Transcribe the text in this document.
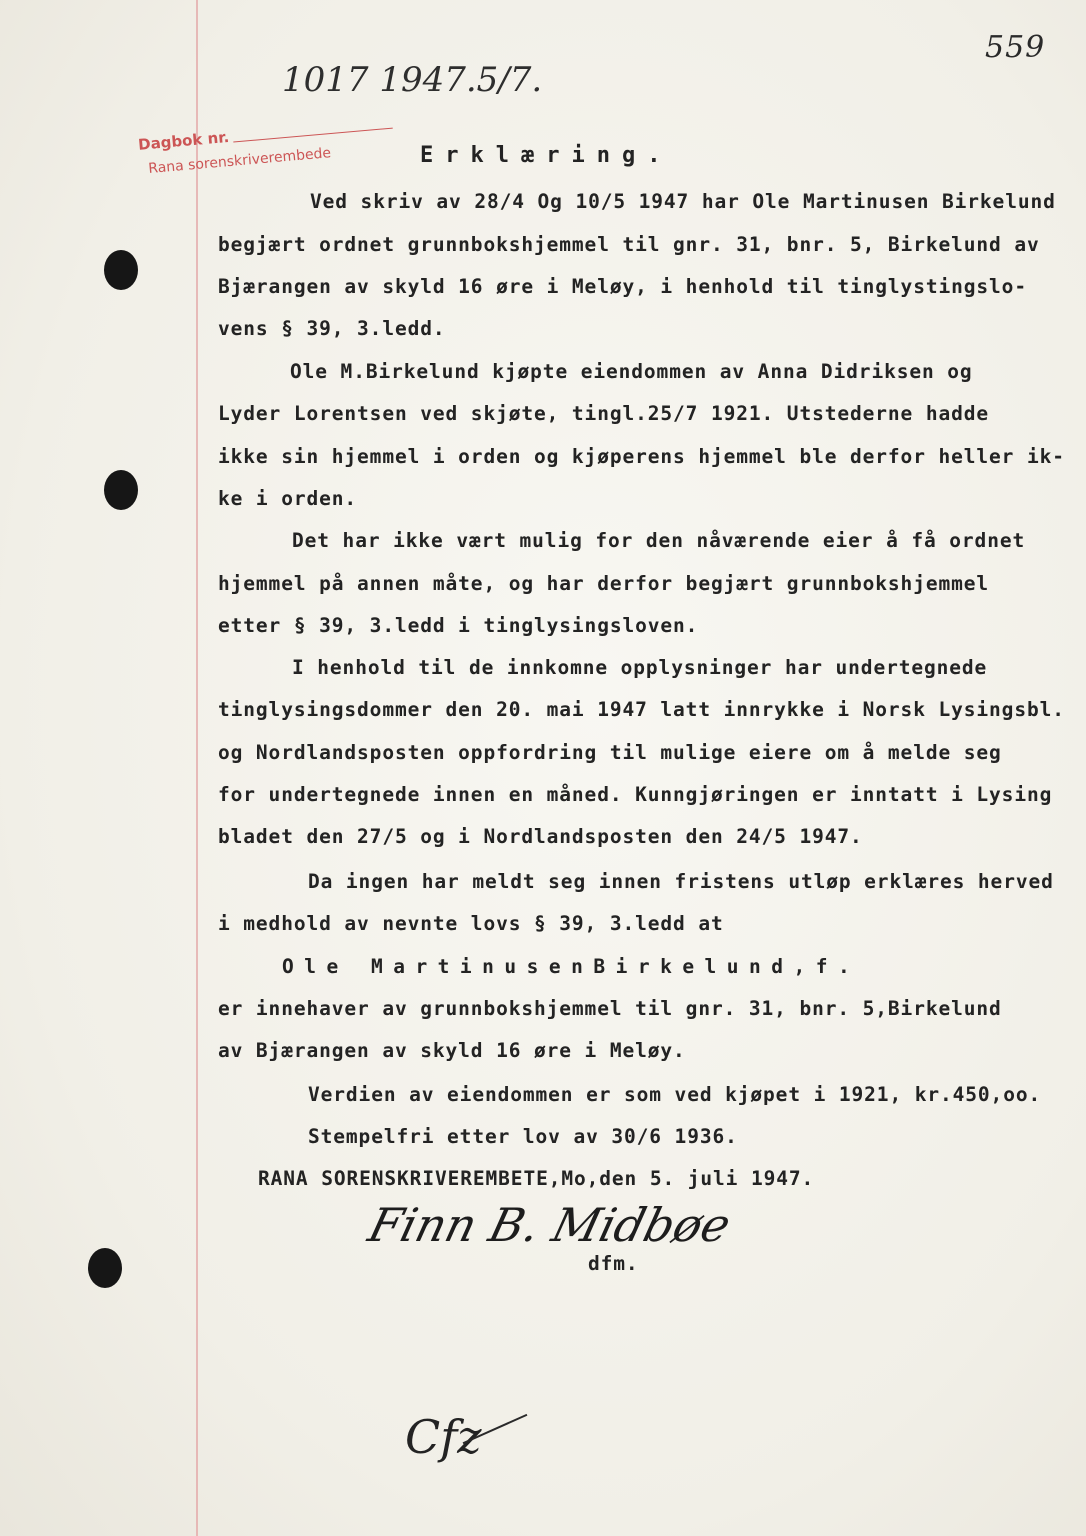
559
1017 1947.5/7.
Dagbok nr.
Rana sorenskriverembede	Erklæring.
Ved skriv av 28/4 Og 10/5 1947 har Ole Martinusen Birkelund
begjært ordnet grunnbokshjemmel til gnr. 31, bnr. 5, Birkelund av
Bjærangen av skyld 16 øre i Meløy, i henhold til tinglystingslo-
vens § 39, 3.ledd.
Ole M.Birkelund kjøpte eiendommen av Anna Didriksen og
Lyder Lorentsen ved skjøte, tingl.25/7 1921. Utstederne hadde
ikke sin hjemmel i orden og kjøperens hjemmel ble derfor heller ik-
ke i orden.
Det har ikke vært mulig for den nåværende eier å få ordnet
hjemmel på annen måte, og har derfor begjært grunnbokshjemmel
etter § 39, 3.ledd i tinglysingsloven.
I henhold til de innkomne opplysninger har undertegnede
tinglysingsdommer den 20. mai 1947 latt innrykke i Norsk Lysingsbl.
og Nordlandsposten oppfordring til mulige eiere om å melde seg
for undertegnede innen en måned. Kunngjøringen er inntatt i Lysing
bladet den 27/5 og i Nordlandsposten den 24/5 1947.
Da ingen har meldt seg innen fristens utløp erklæres herved
i medhold av nevnte lovs § 39, 3.ledd at
Ole MartinusenBirkelund,f.
er innehaver av grunnbokshjemmel til gnr. 31, bnr. 5,Birkelund
av Bjærangen av skyld 16 øre i Meløy.
Verdien av eiendommen er som ved kjøpet i 1921, kr.450,oo.
Stempelfri etter lov av 30/6 1936.
RANA SORENSKRIVEREMBETE,Mo,den 5. juli 1947.
Finn B. Midbøe
dfm.
Cfz
